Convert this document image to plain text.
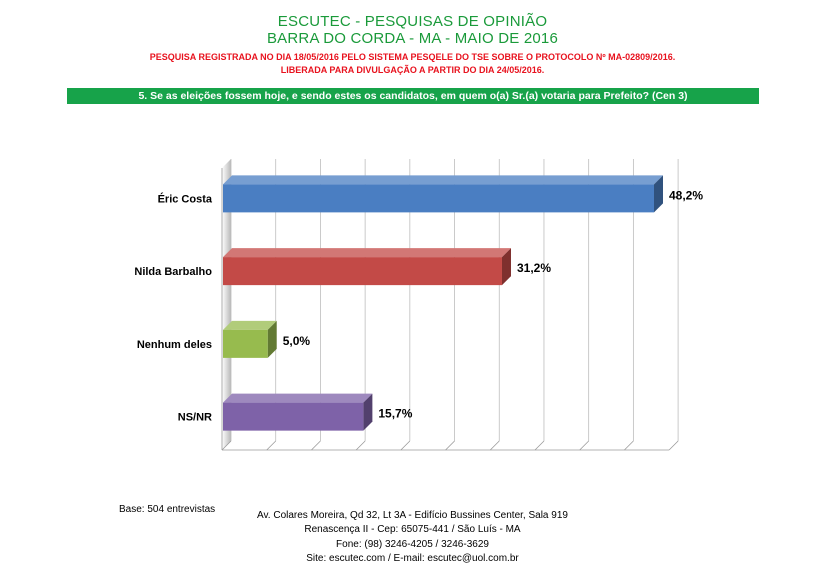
ESCUTEC - PESQUISAS DE OPINIÃO
BARRA DO CORDA - MA - MAIO DE 2016
PESQUISA REGISTRADA NO DIA 18/05/2016 PELO SISTEMA PESQELE DO TSE SOBRE O PROTOCOLO Nº MA-02809/2016.
LIBERADA PARA DIVULGAÇÃO A PARTIR DO DIA 24/05/2016.
5. Se as eleições fossem hoje, e sendo estes os candidatos, em quem o(a) Sr.(a) votaria para Prefeito? (Cen 3)
Éric Costa	48,2%
Nilda Barbalho	31,2%
Nenhum deles	5,0%
NS/NR	15,7%
Base: 504 entrevistas
Av. Colares Moreira, Qd 32, Lt 3A - Edifício Bussines Center, Sala 919
Renascença II - Cep: 65075-441 / São Luís - MA
Fone: (98) 3246-4205 / 3246-3629
Site: escutec.com / E-mail: escutec@uol.com.br
